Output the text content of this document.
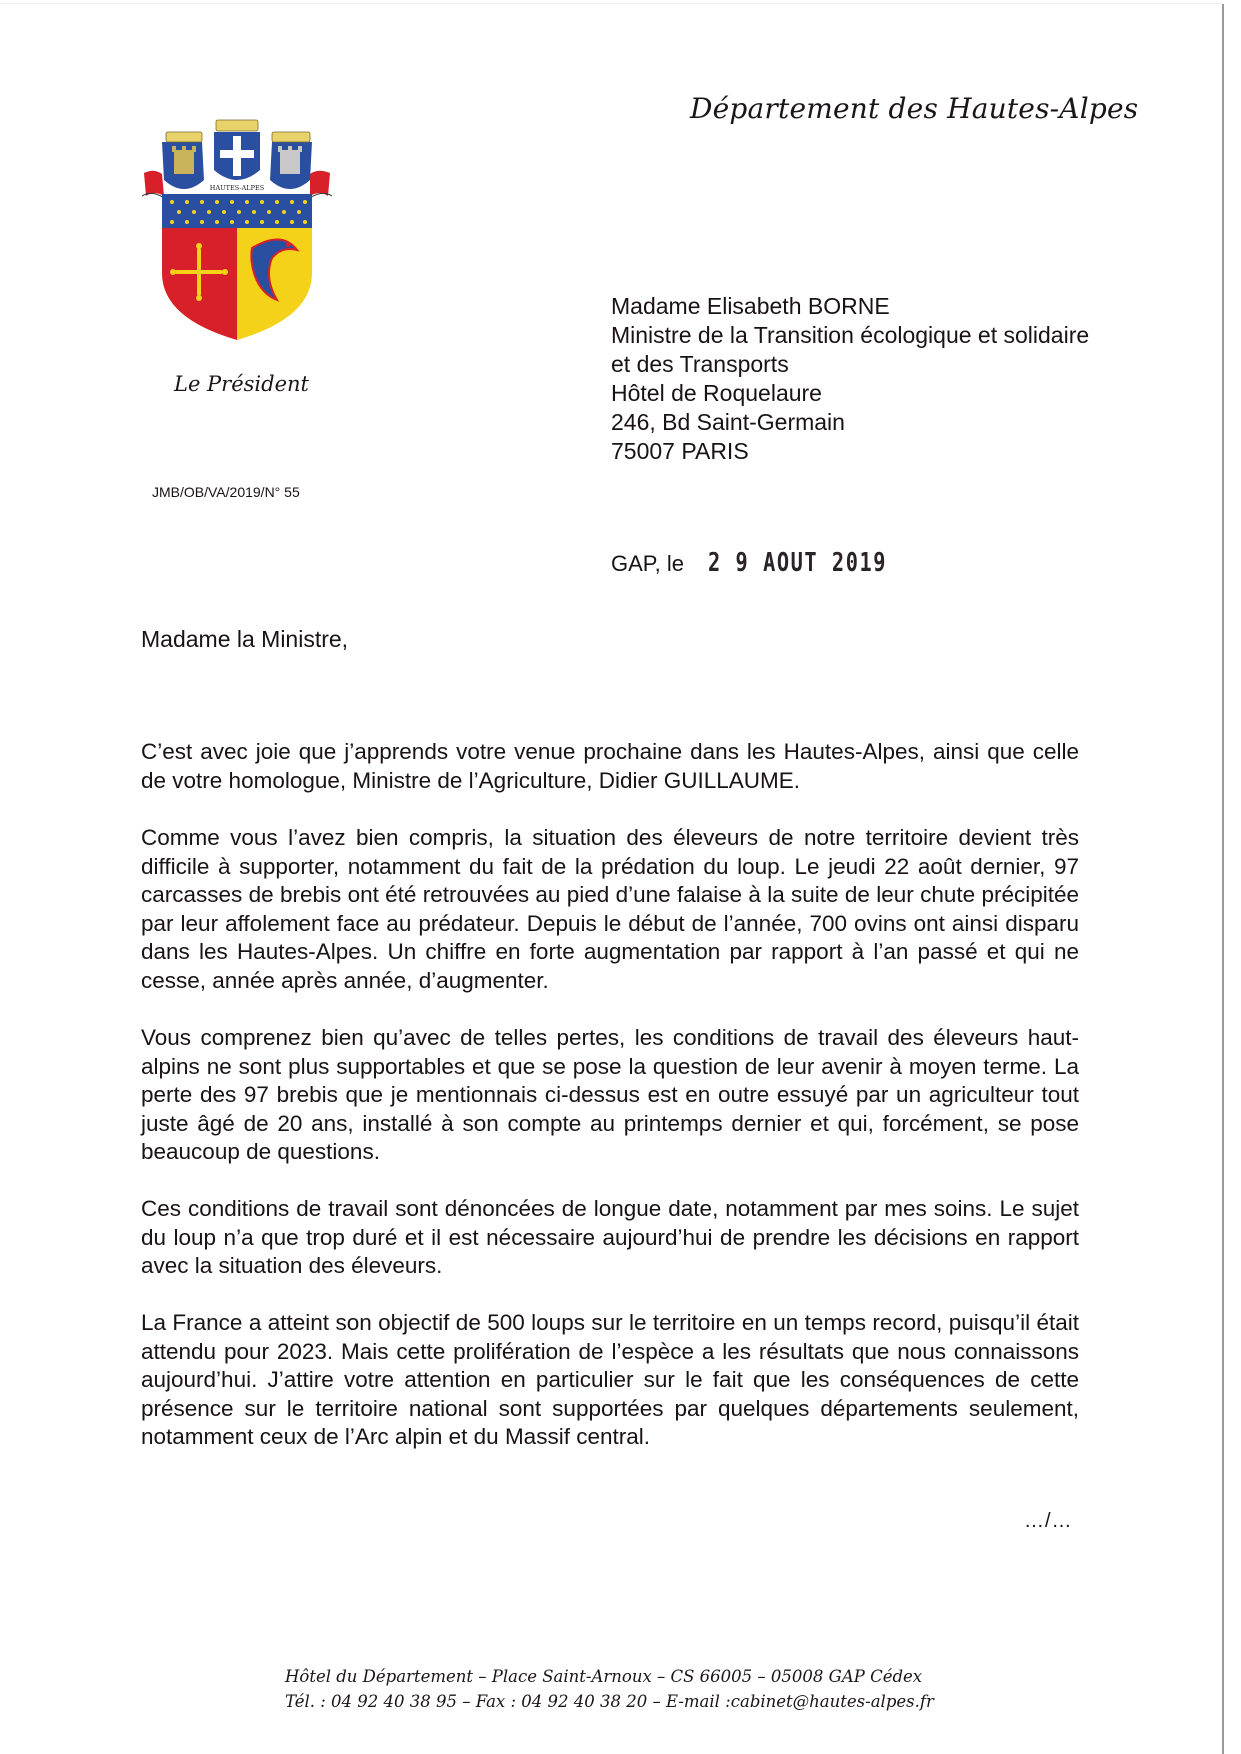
Département des Hautes-Alpes
HAUTES-ALPES
Le Président
JMB/OB/VA/2019/N° 55
Madame Elisabeth BORNE
Ministre de la Transition écologique et solidaire
et des Transports
Hôtel de Roquelaure
246, Bd Saint-Germain
75007 PARIS
GAP, le 2 9 AOUT 2019
Madame la Ministre,

C’est avec joie que j’apprends votre venue prochaine dans les Hautes-Alpes, ainsi que celle de votre homologue, Ministre de l’Agriculture, Didier GUILLAUME.

Comme vous l’avez bien compris, la situation des éleveurs de notre territoire devient très difficile à supporter, notamment du fait de la prédation du loup. Le jeudi 22 août dernier, 97 carcasses de brebis ont été retrouvées au pied d’une falaise à la suite de leur chute précipitée par leur affolement face au prédateur. Depuis le début de l’année, 700 ovins ont ainsi disparu dans les Hautes-Alpes. Un chiffre en forte augmentation par rapport à l’an passé et qui ne cesse, année après année, d’augmenter.

Vous comprenez bien qu’avec de telles pertes, les conditions de travail des éleveurs haut-alpins ne sont plus supportables et que se pose la question de leur avenir à moyen terme. La perte des 97 brebis que je mentionnais ci-dessus est en outre essuyé par un agriculteur tout juste âgé de 20 ans, installé à son compte au printemps dernier et qui, forcément, se pose beaucoup de questions.

Ces conditions de travail sont dénoncées de longue date, notamment par mes soins. Le sujet du loup n’a que trop duré et il est nécessaire aujourd’hui de prendre les décisions en rapport avec la situation des éleveurs.

La France a atteint son objectif de 500 loups sur le territoire en un temps record, puisqu’il était attendu pour 2023. Mais cette prolifération de l’espèce a les résultats que nous connaissons aujourd’hui. J’attire votre attention en particulier sur le fait que les conséquences de cette présence sur le territoire national sont supportées par quelques départements seulement, notamment ceux de l’Arc alpin et du Massif central.

…/…
Hôtel du Département – Place Saint-Arnoux – CS 66005 – 05008 GAP Cédex
Tél. : 04 92 40 38 95 – Fax : 04 92 40 38 20 – E-mail :cabinet@hautes-alpes.fr
